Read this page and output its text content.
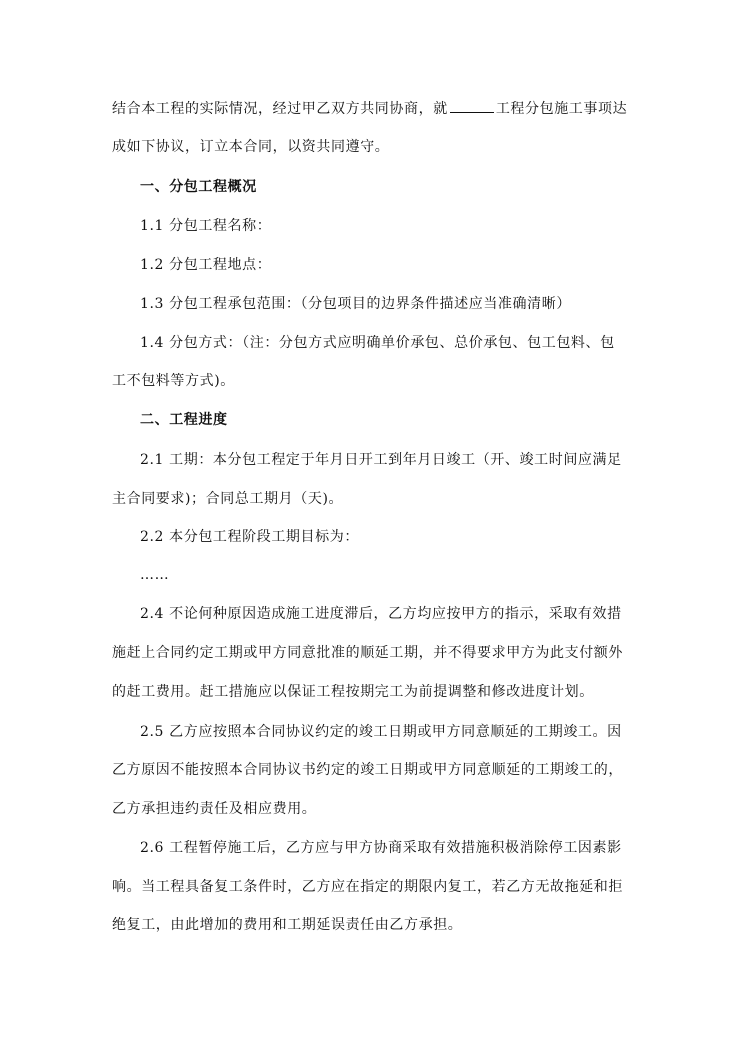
结合本工程的实际情况，经过甲乙双方共同协商，就	工程分包施工事项达
成如下协议，订立本合同，以资共同遵守。
一、分包工程概况
1.1 分包工程名称：
1.2 分包工程地点：
1.3 分包工程承包范围：（分包项目的边界条件描述应当准确清晰）
1.4 分包方式：（注：分包方式应明确单价承包、总价承包、包工包料、包
工不包料等方式)。
二、工程进度
2.1 工期：本分包工程定于年月日开工到年月日竣工（开、竣工时间应满足
主合同要求)；合同总工期月（天)。
2.2 本分包工程阶段工期目标为：
……
2.4 不论何种原因造成施工进度滞后，乙方均应按甲方的指示，采取有效措
施赶上合同约定工期或甲方同意批准的顺延工期，并不得要求甲方为此支付额外
的赶工费用。赶工措施应以保证工程按期完工为前提调整和修改进度计划。
2.5 乙方应按照本合同协议约定的竣工日期或甲方同意顺延的工期竣工。因
乙方原因不能按照本合同协议书约定的竣工日期或甲方同意顺延的工期竣工的，
乙方承担违约责任及相应费用。
2.6 工程暂停施工后，乙方应与甲方协商采取有效措施积极消除停工因素影
响。当工程具备复工条件时，乙方应在指定的期限内复工，若乙方无故拖延和拒
绝复工，由此增加的费用和工期延误责任由乙方承担。
